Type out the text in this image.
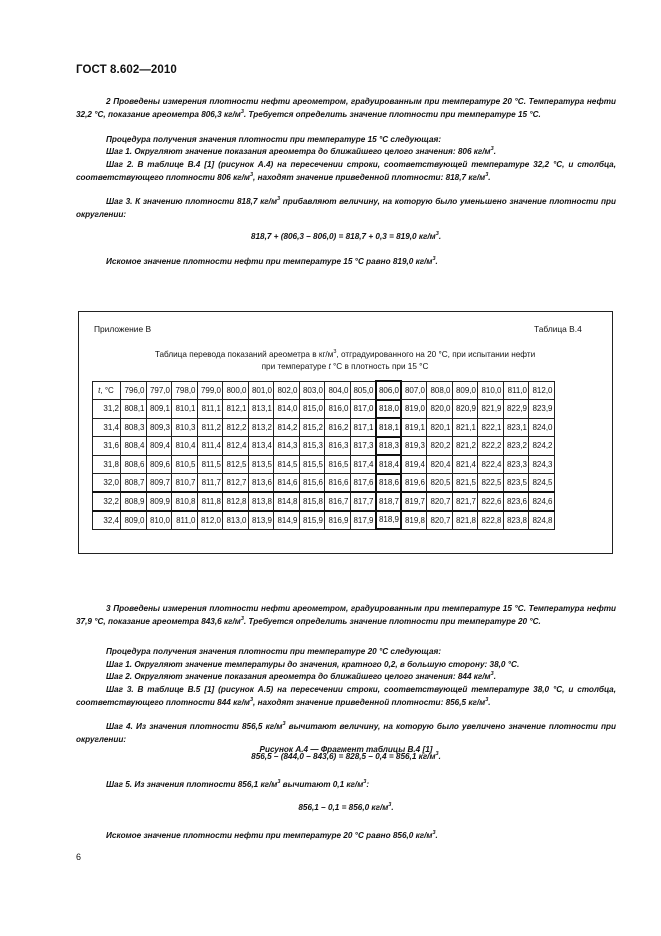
ГОСТ 8.602—2010
2 Проведены измерения плотности нефти ареометром, градуированным при температуре 20 °С. Температура нефти 32,2 °С, показание ареометра 806,3 $кг/м^3$. Требуется определить значение плотности при температуре 15 °С.
Процедура получения значения плотности при температуре 15 °С следующая:
Шаг 1. Округляют значение показания ареометра до ближайшего целого значения: 806 $кг/м^3$.
Шаг 2. В таблице В.4 [1] (рисунок А.4) на пересечении строки, соответствующей температуре 32,2 °С, и столбца, соответствующего плотности 806 $кг/м^3$, находят значение приведенной плотности: 818,7 $кг/м^3$.
Шаг 3. К значению плотности 818,7 $кг/м^3$ прибавляют величину, на которую было уменьшено значение плотности при округлении:
818,7 + (806,3 – 806,0) = 818,7 + 0,3 = 819,0 $кг/м^3$.
Искомое значение плотности нефти при температуре 15 °С равно 819,0 $кг/м^3$.
Приложение В	Таблица В.4
Таблица перевода показаний ареометра в $кг/м^3$, отградуированного на 20 °С, при испытании нефти
при температуре t °С в плотность при 15 °С
t, °C	796,0	797,0	798,0	799,0	800,0	801,0	802,0	803,0	804,0	805,0	806,0	807,0	808,0	809,0	810,0	811,0	812,0
31,2	808,1	809,1	810,1	811,1	812,1	813,1	814,0	815,0	816,0	817,0	818,0	819,0	820,0	820,9	821,9	822,9	823,9
31,4	808,3	809,3	810,3	811,2	812,2	813,2	814,2	815,2	816,2	817,1	818,1	819,1	820,1	821,1	822,1	823,1	824,0
31,6	808,4	809,4	810,4	811,4	812,4	813,4	814,3	815,3	816,3	817,3	818,3	819,3	820,2	821,2	822,2	823,2	824,2
31,8	808,6	809,6	810,5	811,5	812,5	813,5	814,5	815,5	816,5	817,4	818,4	819,4	820,4	821,4	822,4	823,3	824,3
32,0	808,7	809,7	810,7	811,7	812,7	813,6	814,6	815,6	816,6	817,6	818,6	819,6	820,5	821,5	822,5	823,5	824,5
32,2	808,9	809,9	810,8	811,8	812,8	813,8	814,8	815,8	816,7	817,7	818,7	819,7	820,7	821,7	822,6	823,6	824,6
32,4	809,0	810,0	811,0	812,0	813,0	813,9	814,9	815,9	816,9	817,9	818,9	819,8	820,7	821,8	822,8	823,8	824,8
Рисунок А.4 — Фрагмент таблицы В.4 [1]
Процедура получения значения плотности при температуре 20 °С следующая:
3 Проведены измерения плотности нефти ареометром, градуированным при температуре 15 °С. Температура нефти 37,9 °С, показание ареометра 843,6 $кг/м^3$. Требуется определить значение плотности при температуре 20 °С.
Шаг 1. Округляют значение температуры до значения, кратного 0,2, в большую сторону: 38,0 °С.
Шаг 2. Округляют значение показания ареометра до ближайшего целого значения: 844 $кг/м^3$.
Шаг 3. В таблице В.5 [1] (рисунок А.5) на пересечении строки, соответствующей температуре 38,0 °С, и столбца, соответствующего плотности 844 $кг/м^3$, находят значение приведенной плотности: 856,5 $кг/м^3$.
Шаг 4. Из значения плотности 856,5 $кг/м^3$ вычитают величину, на которую было увеличено значение плотности при округлении:
856,5 – (844,0 – 843,6) = 828,5 – 0,4 = 856,1 $кг/м^3$.
Шаг 5. Из значения плотности 856,1 $кг/м^3$ вычитают 0,1 $кг/м^3$:
856,1 – 0,1 = 856,0 $кг/м^3$.
Искомое значение плотности нефти при температуре 20 °С равно 856,0 $кг/м^3$.
6
